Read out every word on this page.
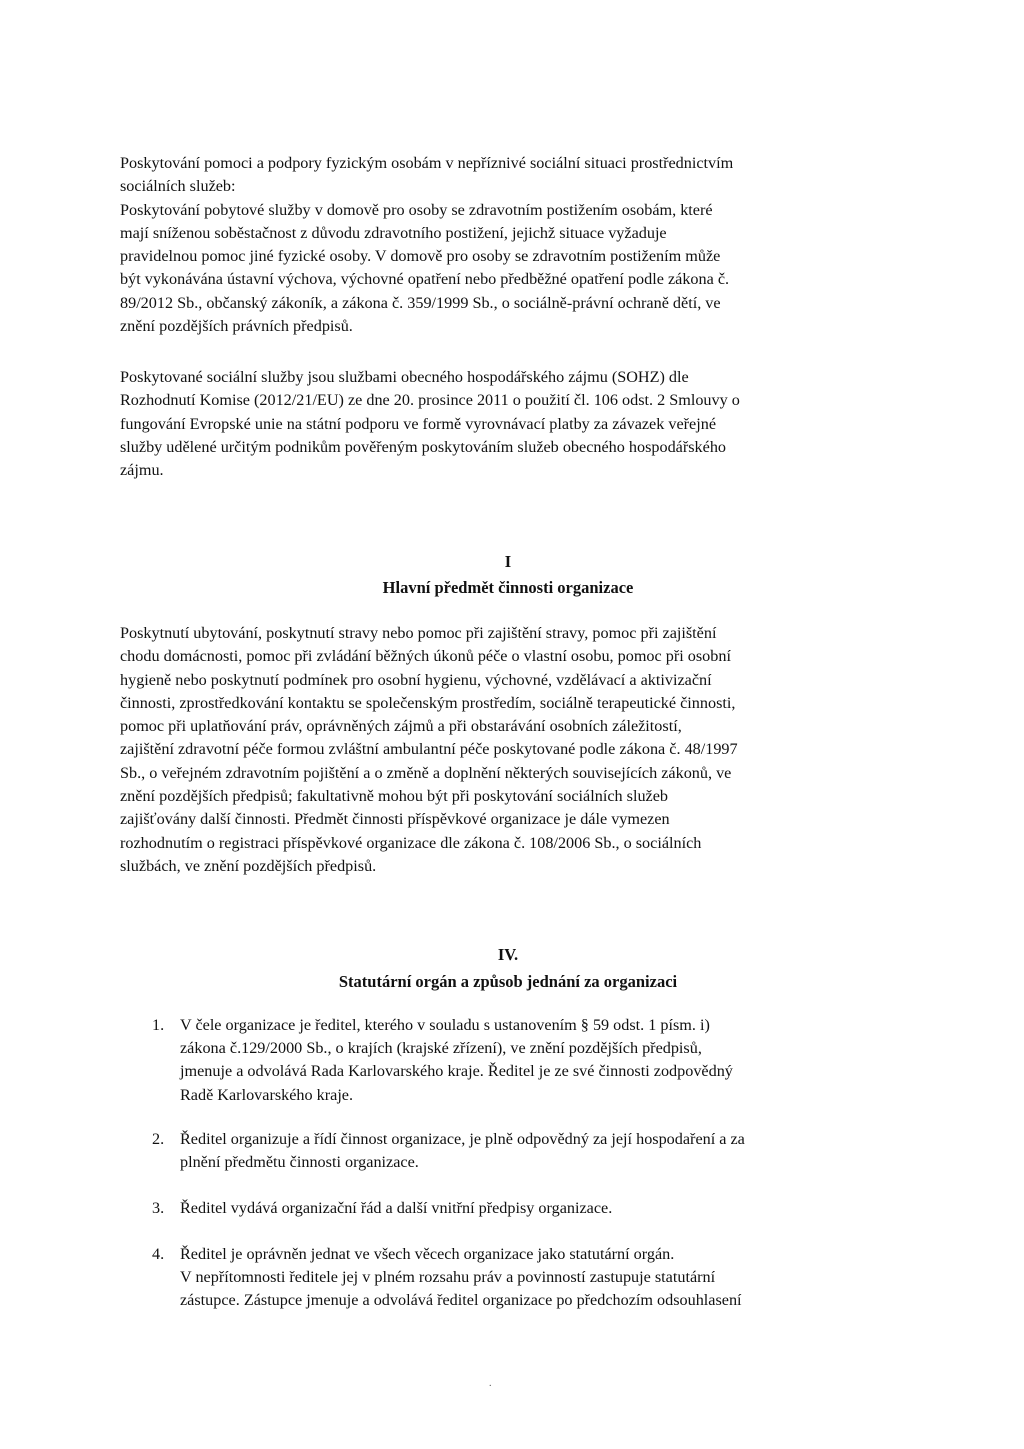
Poskytování pomoci a podpory fyzickým osobám v nepříznivé sociální situaci prostřednictvím
sociálních služeb:
Poskytování pobytové služby v domově pro osoby se zdravotním postižením osobám, které
mají sníženou soběstačnost z důvodu zdravotního postižení, jejichž situace vyžaduje
pravidelnou pomoc jiné fyzické osoby. V domově pro osoby se zdravotním postižením může
být vykonávána ústavní výchova, výchovné opatření nebo předběžné opatření podle zákona č.
89/2012 Sb., občanský zákoník, a zákona č. 359/1999 Sb., o sociálně-právní ochraně dětí, ve
znění pozdějších právních předpisů.
Poskytované sociální služby jsou službami obecného hospodářského zájmu (SOHZ) dle
Rozhodnutí Komise (2012/21/EU) ze dne 20. prosince 2011 o použití čl. 106 odst. 2 Smlouvy o
fungování Evropské unie na státní podporu ve formě vyrovnávací platby za závazek veřejné
služby udělené určitým podnikům pověřeným poskytováním služeb obecného hospodářského
zájmu.
I
Hlavní předmět činnosti organizace
Poskytnutí ubytování, poskytnutí stravy nebo pomoc při zajištění stravy, pomoc při zajištění
chodu domácnosti, pomoc při zvládání běžných úkonů péče o vlastní osobu, pomoc při osobní
hygieně nebo poskytnutí podmínek pro osobní hygienu, výchovné, vzdělávací a aktivizační
činnosti, zprostředkování kontaktu se společenským prostředím, sociálně terapeutické činnosti,
pomoc při uplatňování práv, oprávněných zájmů a při obstarávání osobních záležitostí,
zajištění zdravotní péče formou zvláštní ambulantní péče poskytované podle zákona č. 48/1997
Sb., o veřejném zdravotním pojištění a o změně a doplnění některých souvisejících zákonů, ve
znění pozdějších předpisů; fakultativně mohou být při poskytování sociálních služeb
zajišťovány další činnosti. Předmět činnosti příspěvkové organizace je dále vymezen
rozhodnutím o registraci příspěvkové organizace dle zákona č. 108/2006 Sb., o sociálních
službách, ve znění pozdějších předpisů.
IV.
Statutární orgán a způsob jednání za organizaci
1. V čele organizace je ředitel, kterého v souladu s ustanovením § 59 odst. 1 písm. i)
zákona č.129/2000 Sb., o krajích (krajské zřízení), ve znění pozdějších předpisů,
jmenuje a odvolává Rada Karlovarského kraje. Ředitel je ze své činnosti zodpovědný
Radě Karlovarského kraje.
2. Ředitel organizuje a řídí činnost organizace, je plně odpovědný za její hospodaření a za
plnění předmětu činnosti organizace.
3. Ředitel vydává organizační řád a další vnitřní předpisy organizace.
4. Ředitel je oprávněn jednat ve všech věcech organizace jako statutární orgán.
V nepřítomnosti ředitele jej v plném rozsahu práv a povinností zastupuje statutární
zástupce. Zástupce jmenuje a odvolává ředitel organizace po předchozím odsouhlasení
.
